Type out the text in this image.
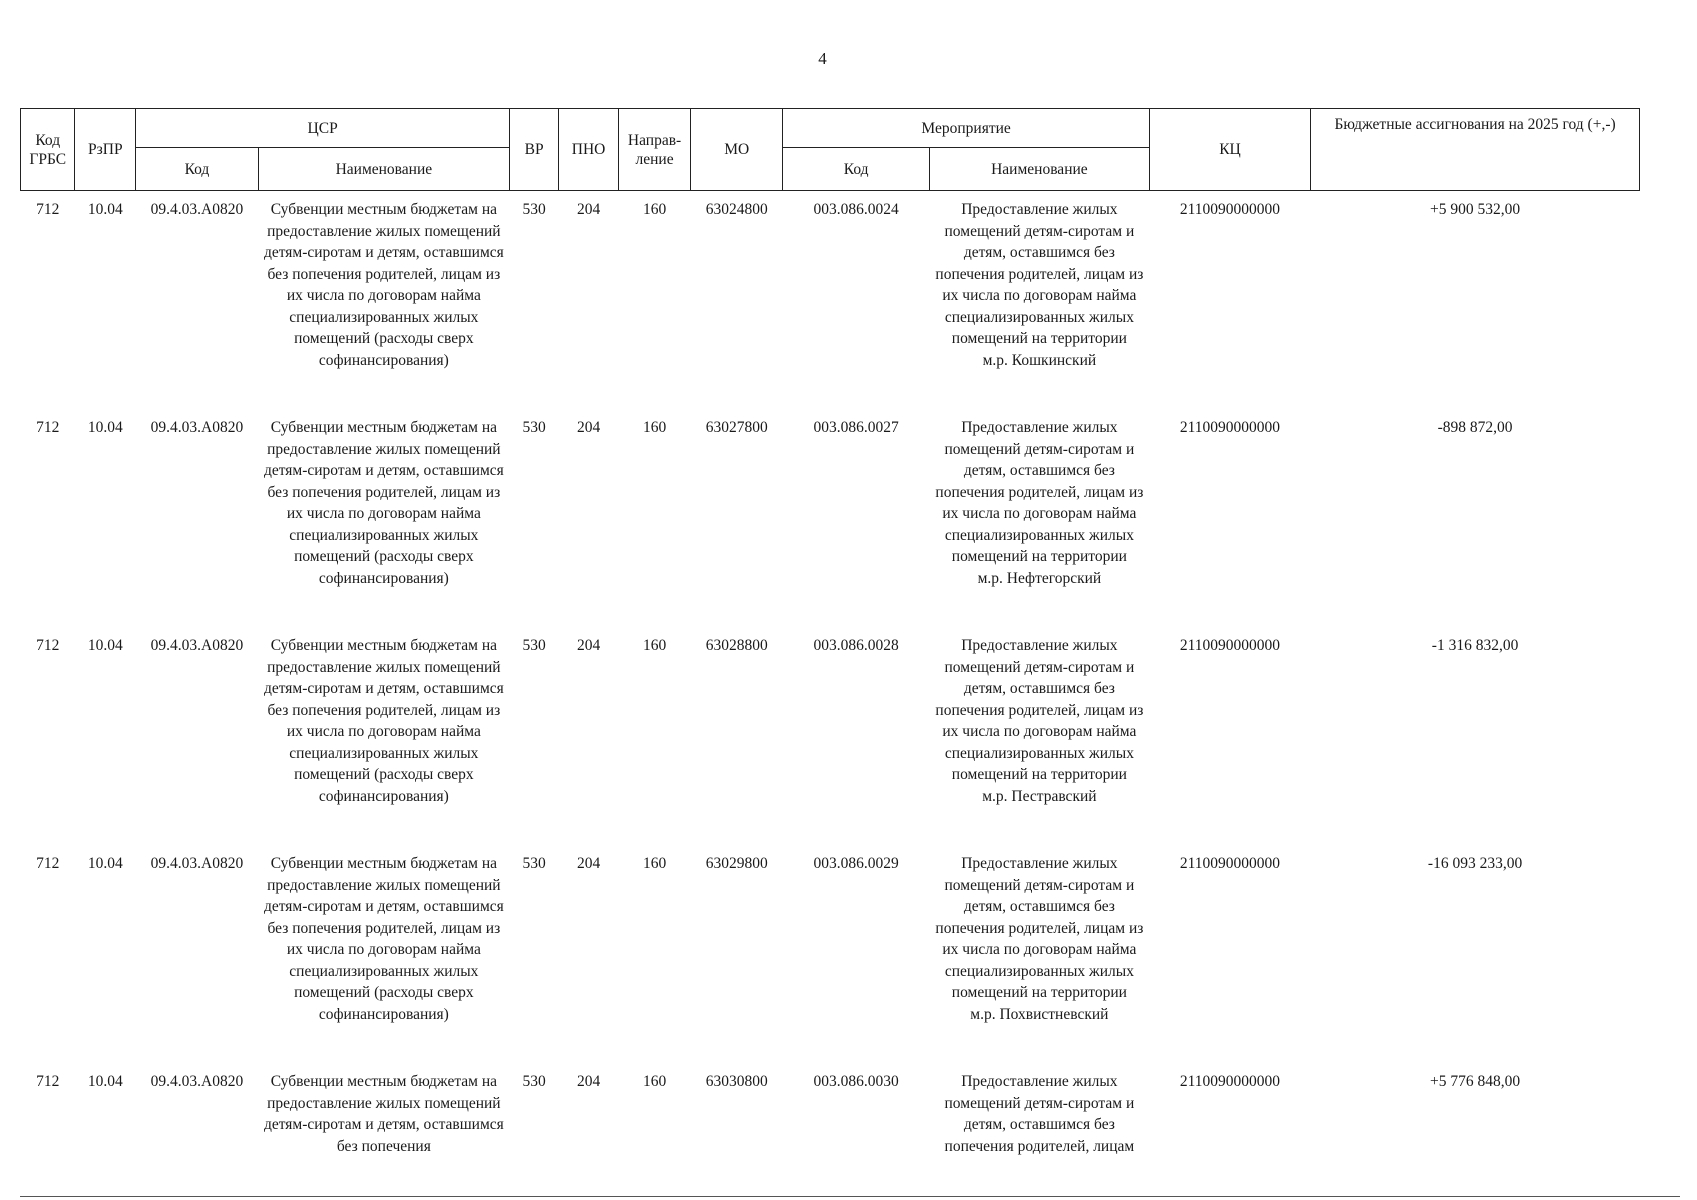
4
Код ГРБС	РзПР	ЦСР		ВР	ПНО	Направ-ление	МО	Мероприятие		КЦ	Бюджетные ассигнования на 2025 год (+,-)
		Код	Наименование					Код	Наименование		
712	10.04	09.4.03.А0820	Субвенции местным бюджетам на предоставление жилых помещений детям-сиротам и детям, оставшимся без попечения родителей, лицам из их числа по договорам найма специализированных жилых помещений (расходы сверх софинансирования)	530	204	160	63024800	003.086.0024	Предоставление жилых помещений детям-сиротам и детям, оставшимся без попечения родителей, лицам из их числа по договорам найма специализированных жилых помещений на территории
м.р. Кошкинский	2110090000000	+5 900 532,00
712	10.04	09.4.03.А0820	Субвенции местным бюджетам на предоставление жилых помещений детям-сиротам и детям, оставшимся без попечения родителей, лицам из их числа по договорам найма специализированных жилых помещений (расходы сверх софинансирования)	530	204	160	63027800	003.086.0027	Предоставление жилых помещений детям-сиротам и детям, оставшимся без попечения родителей, лицам из их числа по договорам найма специализированных жилых помещений на территории
м.р. Нефтегорский	2110090000000	-898 872,00
712	10.04	09.4.03.А0820	Субвенции местным бюджетам на предоставление жилых помещений детям-сиротам и детям, оставшимся без попечения родителей, лицам из их числа по договорам найма специализированных жилых помещений (расходы сверх софинансирования)	530	204	160	63028800	003.086.0028	Предоставление жилых помещений детям-сиротам и детям, оставшимся без попечения родителей, лицам из их числа по договорам найма специализированных жилых помещений на территории
м.р. Пестравский	2110090000000	-1 316 832,00
712	10.04	09.4.03.А0820	Субвенции местным бюджетам на предоставление жилых помещений детям-сиротам и детям, оставшимся без попечения родителей, лицам из их числа по договорам найма специализированных жилых помещений (расходы сверх софинансирования)	530	204	160	63029800	003.086.0029	Предоставление жилых помещений детям-сиротам и детям, оставшимся без попечения родителей, лицам из их числа по договорам найма специализированных жилых помещений на территории
м.р. Похвистневский	2110090000000	-16 093 233,00
712	10.04	09.4.03.А0820	Субвенции местным бюджетам на предоставление жилых помещений детям-сиротам и детям, оставшимся без попечения	530	204	160	63030800	003.086.0030	Предоставление жилых помещений детям-сиротам и детям, оставшимся без попечения родителей, лицам	2110090000000	+5 776 848,00
